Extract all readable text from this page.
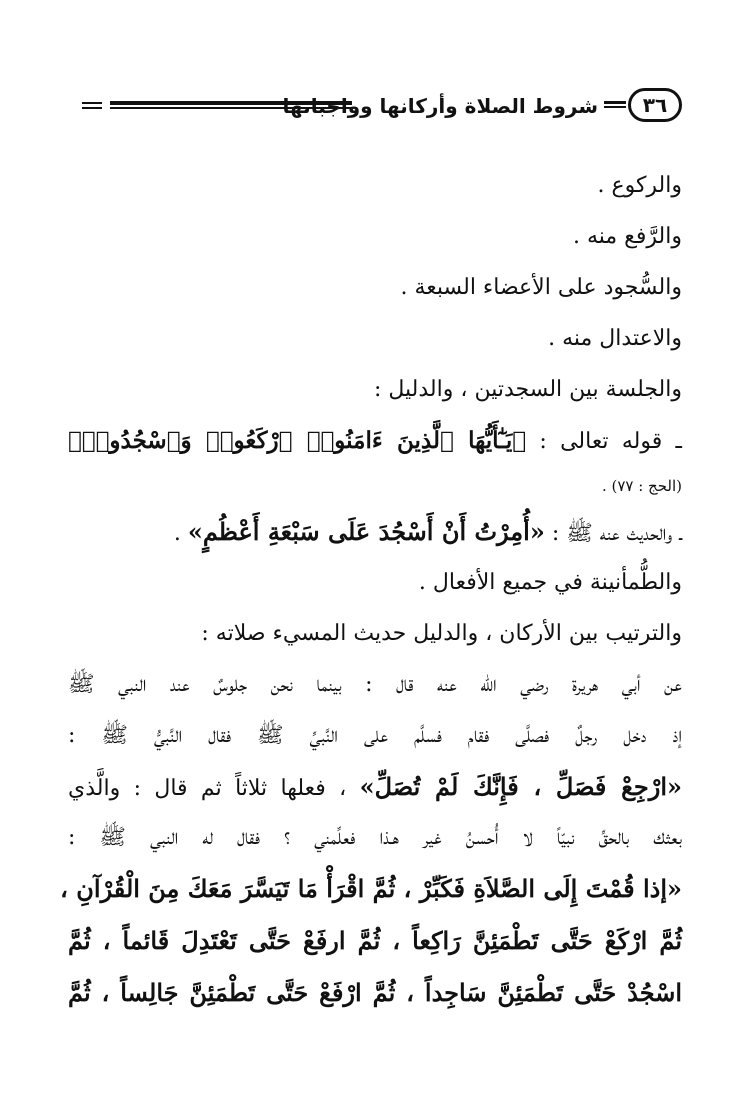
٣٦
شروط الصلاة وأركانها وواجباتها
والركوع .
والرَّفع منه .
والسُّجود على الأعضاء السبعة .
والاعتدال منه .
والجلسة بين السجدتين ، والدليل :
ـ قوله تعالى : ﴿يَـٰٓأَيُّهَا ٱلَّذِينَ ءَامَنُوا۟ ٱرْكَعُوا۟ وَٱسْجُدُوا۟﴾
(الحج : ٧٧) .
ـ والحديث عنه ﷺ : «أُمِرْتُ أَنْ أَسْجُدَ عَلَى سَبْعَةِ أَعْظُمٍ» .
والطُّمأنينة في جميع الأفعال .
والترتيب بين الأركان ، والدليل حديث المسيء صلاته :
عن أبي هريرة رضي الله عنه قال : بينما نحن جلوسٌ عند النبي ﷺ
إذ دخل رجلٌ فصلَّى فقام فسلَّم على النَّبيِّ ﷺ فقال النَّبيُّ ﷺ :
«ارْجِعْ فَصَلِّ ، فَإِنَّكَ لَمْ تُصَلِّ» ، فعلها ثلاثاً ثم قال : والَّذي
بعثك بالحقِّ نبيّاً لا أُحسنُ غير هـذا فعلِّمني ؟ فقال له النبي ﷺ :
«إذا قُمْتَ إِلَى الصَّلاَةِ فَكَبِّرْ ، ثُمَّ اقْرَأْ مَا تَيَسَّرَ مَعَكَ مِنَ الْقُرْآنِ ،
ثُمَّ ارْكَعْ حَتَّى تَطْمَئِنَّ رَاكِعاً ، ثُمَّ ارفَعْ حَتَّى تَعْتَدِلَ قَائماً ، ثُمَّ
اسْجُدْ حَتَّى تَطْمَئِنَّ سَاجِداً ، ثُمَّ ارْفَعْ حَتَّى تَطْمَئِنَّ جَالِساً ، ثُمَّ
